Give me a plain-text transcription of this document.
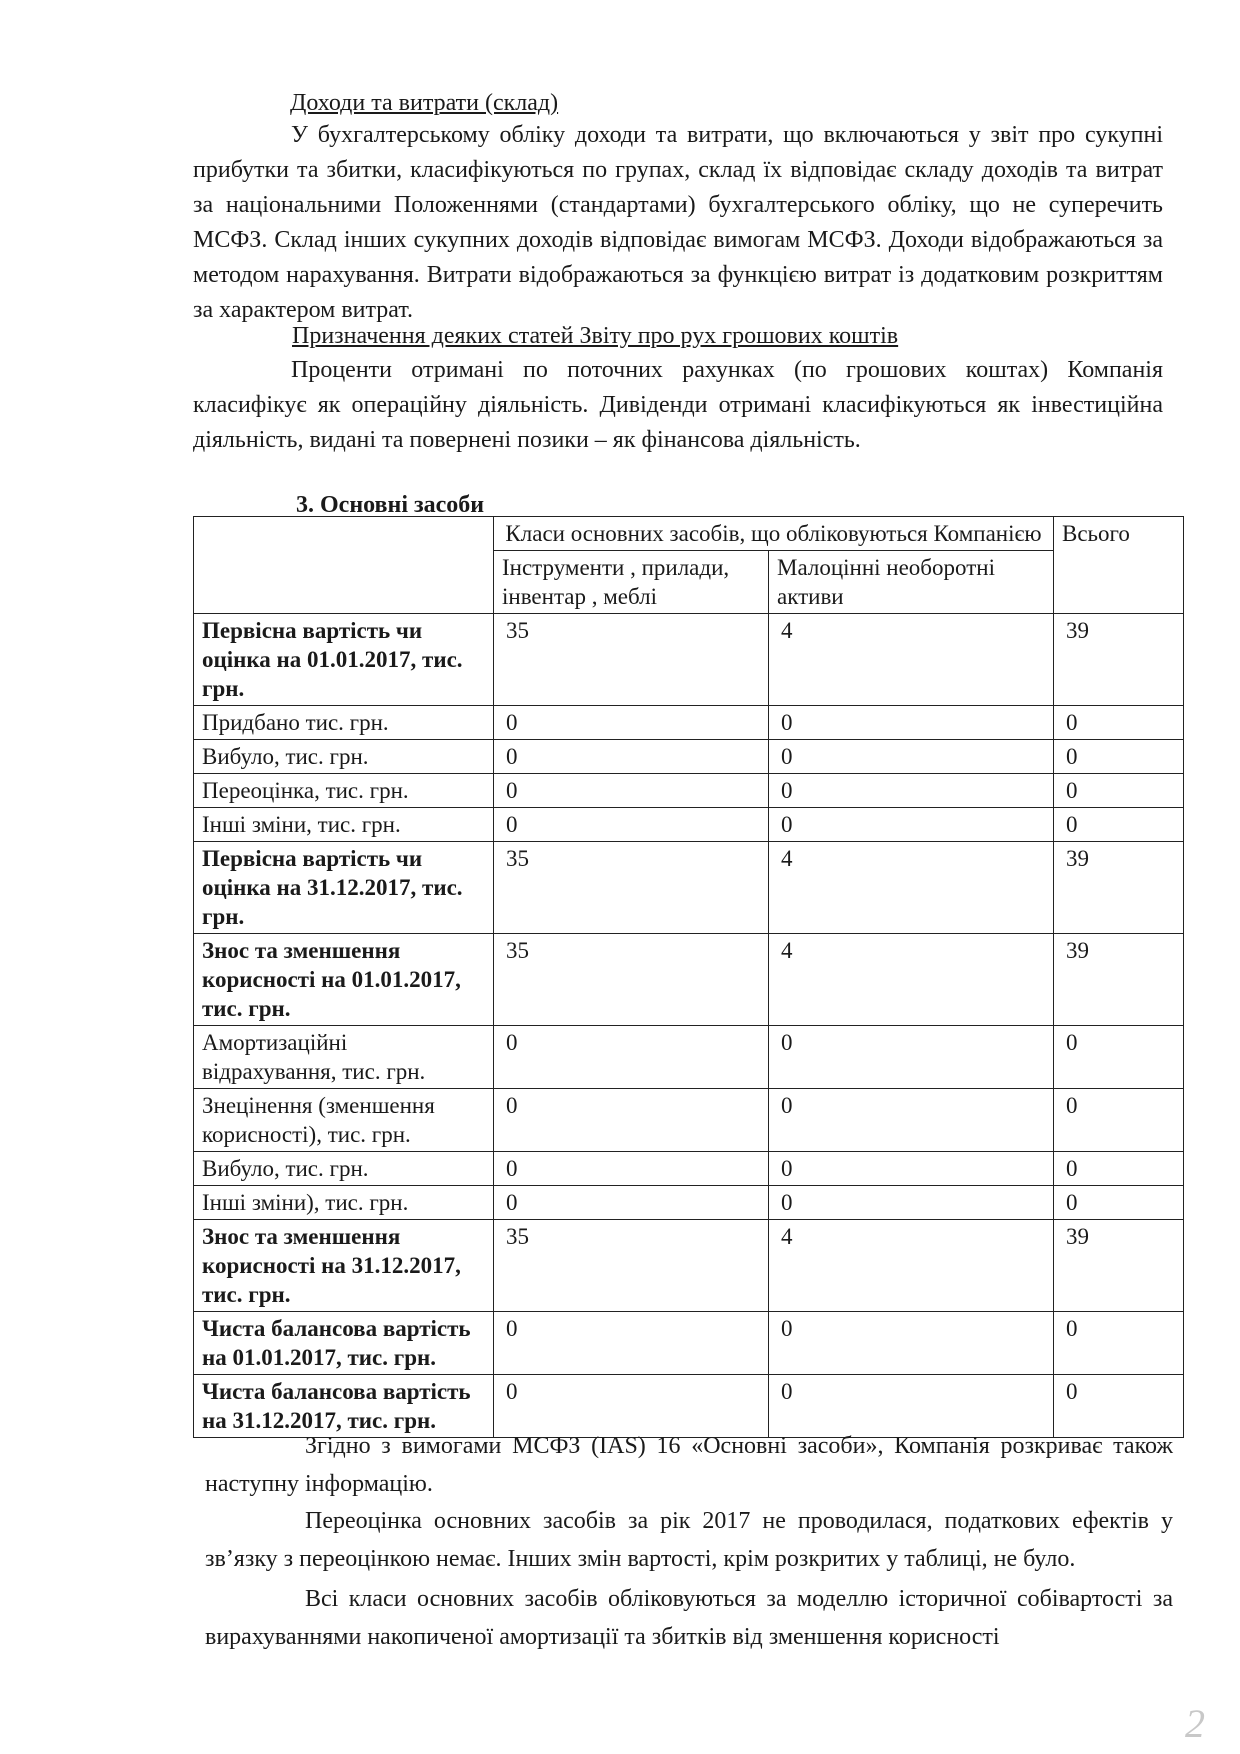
Доходи та витрати (склад)

У бухгалтерському обліку доходи та витрати, що включаються у звіт про сукупні прибутки та збитки, класифікуються по групах, склад їх відповідає складу доходів та витрат за національними Положеннями (стандартами) бухгалтерського обліку, що не суперечить МСФЗ. Склад інших сукупних доходів відповідає вимогам МСФЗ. Доходи відображаються за методом нарахування. Витрати відображаються за функцією витрат із додатковим розкриттям за характером витрат.

Призначення деяких статей Звіту про рух грошових коштів

Проценти отримані по поточних рахунках (по грошових коштах) Компанія класифікує як операційну діяльність. Дивіденди отримані класифікуються як інвестиційна діяльність, видані та повернені позики – як фінансова діяльність.

3. Основні засоби
	Класи основних засобів, що обліковуються Компанією		Всього
	Інструменти , прилади, інвентар , меблі	Малоцінні необоротні активи	
Первісна вартість чи оцінка на 01.01.2017, тис. грн.	35	4	39
Придбано тис. грн.	0	0	0
Вибуло, тис. грн.	0	0	0
Переоцінка, тис. грн.	0	0	0
Інші зміни, тис. грн.	0	0	0
Первісна вартість чи оцінка на 31.12.2017, тис. грн.	35	4	39
Знос та зменшення корисності на 01.01.2017, тис. грн.	35	4	39
Амортизаційні відрахування, тис. грн.	0	0	0
Знецінення (зменшення корисності), тис. грн.	0	0	0
Вибуло, тис. грн.	0	0	0
Інші зміни), тис. грн.	0	0	0
Знос та зменшення корисності на 31.12.2017, тис. грн.	35	4	39
Чиста балансова вартість на 01.01.2017, тис. грн.	0	0	0
Чиста балансова вартість на 31.12.2017, тис. грн.	0	0	0

Згідно з вимогами МСФЗ (IAS) 16 «Основні засоби», Компанія розкриває також наступну інформацію.

Переоцінка основних засобів за рік 2017 не проводилася, податкових ефектів у зв’язку з переоцінкою немає. Інших змін вартості, крім розкритих у таблиці, не було.

Всі класи основних засобів обліковуються за моделлю історичної собівартості за вирахуваннями накопиченої амортизації та збитків від зменшення корисності

2
